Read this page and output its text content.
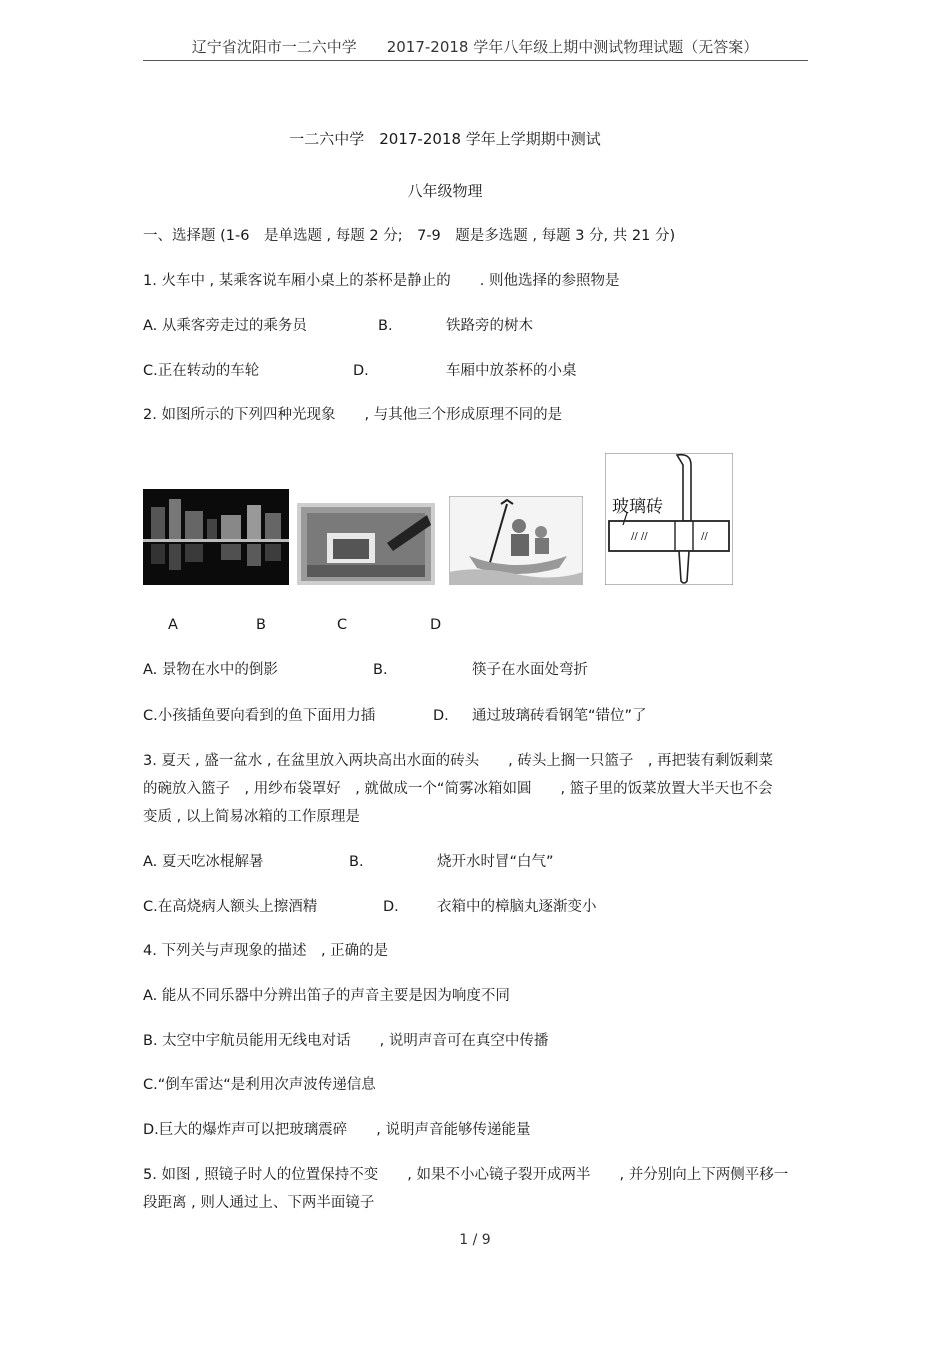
辽宁省沈阳市一二六中学　　2017-2018 学年八年级上期中测试物理试题（无答案）
一二六中学　2017-2018 学年上学期期中测试
八年级物理
一、选择题 (1-6　是单选题 , 每题 2 分;　7-9　题是多选题 , 每题 3 分, 共 21 分)
1. 火车中 , 某乘客说车厢小桌上的茶杯是静止的　　. 则他选择的参照物是
A. 从乘客旁走过的乘务员	B.	铁路旁的树木
C.正在转动的车轮	D.	车厢中放茶杯的小桌
2. 如图所示的下列四种光现象　　, 与其他三个形成原理不同的是
// //	//
玻璃砖
A	B	C	D
A. 景物在水中的倒影	B.	筷子在水面处弯折
C.小孩插鱼要向看到的鱼下面用力插	D. 通过玻璃砖看钢笔“错位”了
3. 夏天 , 盛一盆水 , 在盆里放入两块高出水面的砖头　　, 砖头上搁一只篮子　, 再把装有剩饭剩菜
的碗放入篮子　, 用纱布袋罩好　, 就做成一个“简雾冰箱如圓　　, 篮子里的饭菜放置大半天也不会
变质 , 以上简易冰箱的工作原理是
A. 夏天吃冰棍解暑	B.	烧开水时冒“白气”
C.在高烧病人额头上擦酒精	D.	衣箱中的樟脑丸逐渐变小
4. 下列关与声现象的描述　, 正确的是
A. 能从不同乐器中分辨出笛子的声音主要是因为响度不同
B. 太空中宇航员能用无线电对话　　, 说明声音可在真空中传播
C.“倒车雷达“是利用次声波传递信息
D.巨大的爆炸声可以把玻璃震碎　　, 说明声音能够传递能量
5. 如图 , 照镜子时人的位置保持不变　　, 如果不小心镜子裂开成两半　　, 并分别向上下两侧平移一
段距离 , 则人通过上、下两半面镜子
1 / 9
